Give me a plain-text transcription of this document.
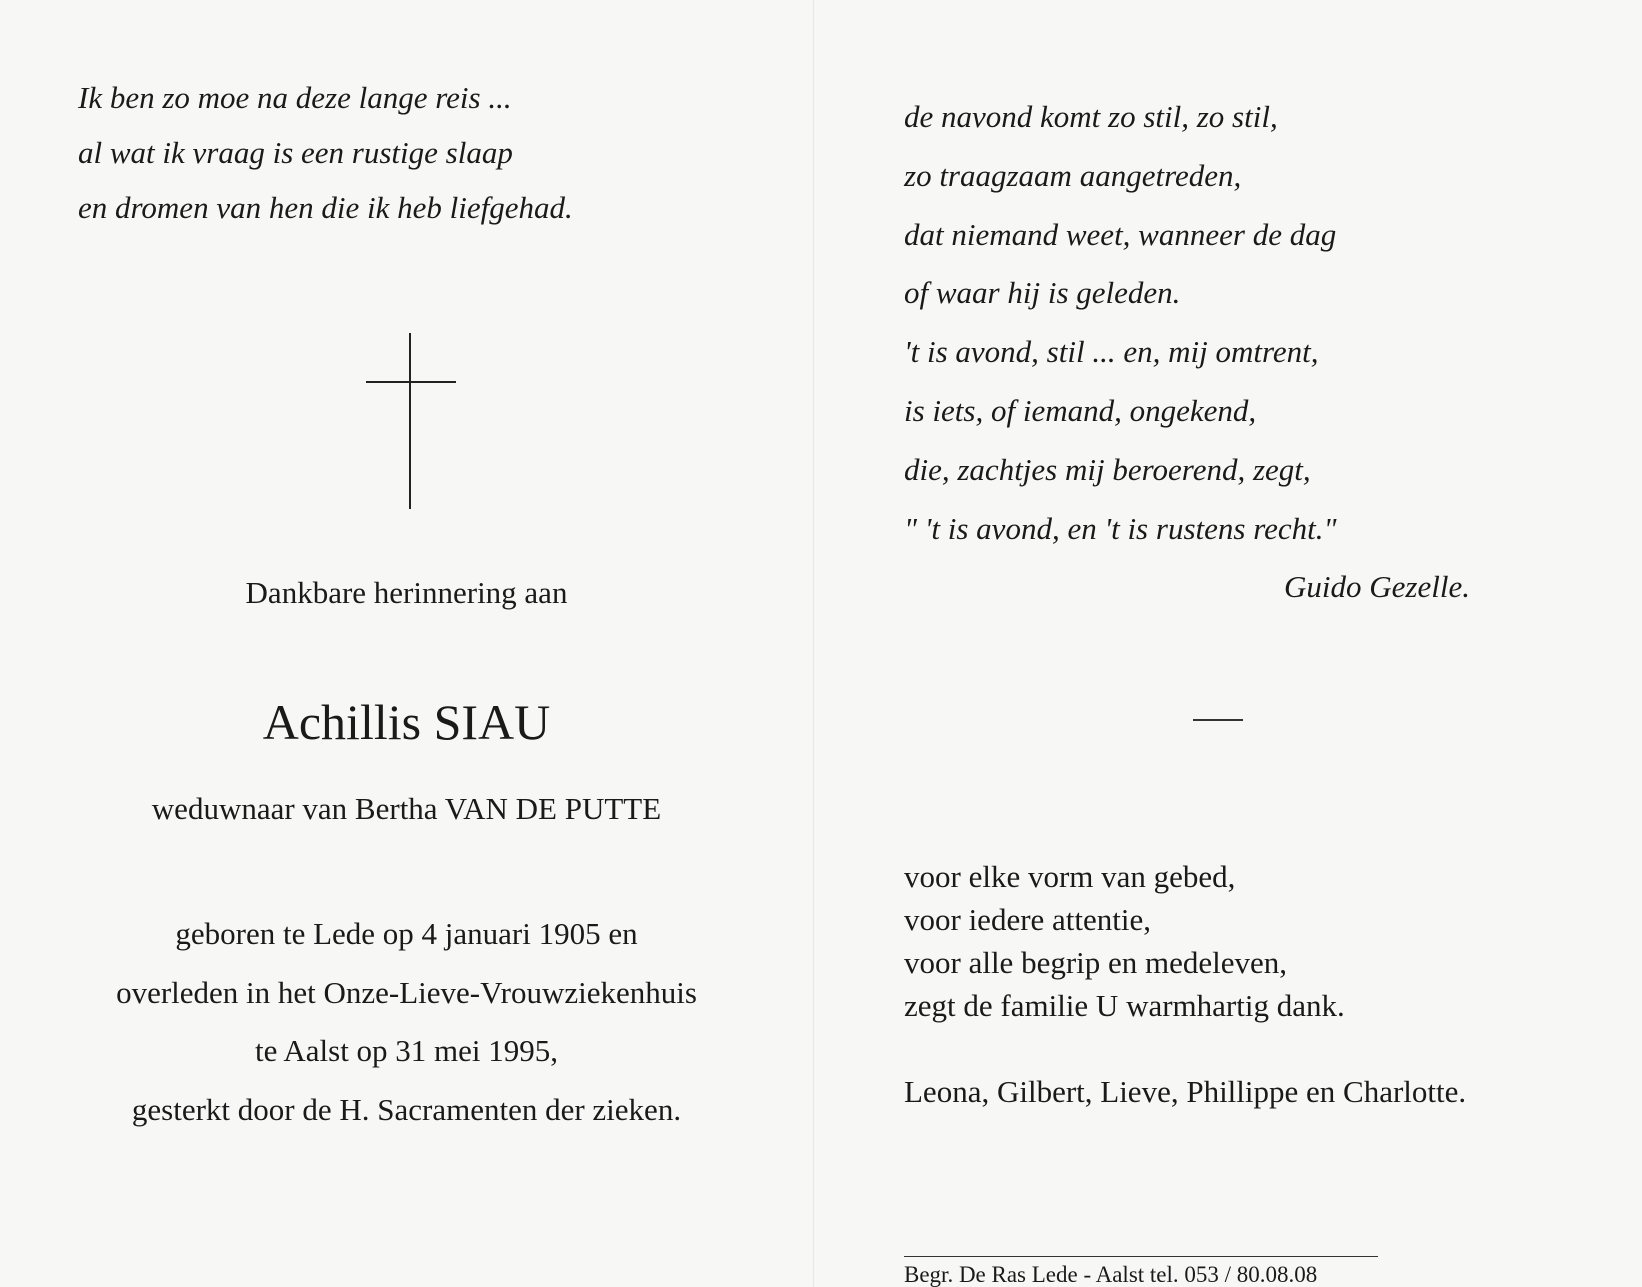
Ik ben zo moe na deze lange reis ...
al wat ik vraag is een rustige slaap
en dromen van hen die ik heb liefgehad.
Dankbare herinnering aan
Achillis SIAU
weduwnaar van Bertha VAN DE PUTTE
geboren te Lede op 4 januari 1905 en
overleden in het Onze-Lieve-Vrouwziekenhuis
te Aalst op 31 mei 1995,
gesterkt door de H. Sacramenten der zieken.
de navond komt zo stil, zo stil,
zo traagzaam aangetreden,
dat niemand weet, wanneer de dag
of waar hij is geleden.
't is avond, stil ... en, mij omtrent,
is iets, of iemand, ongekend,
die, zachtjes mij beroerend, zegt,
" 't is avond, en 't is rustens recht."
Guido Gezelle.
voor elke vorm van gebed,
voor iedere attentie,
voor alle begrip en medeleven,
zegt de familie U warmhartig dank.
Leona, Gilbert, Lieve, Phillippe en Charlotte.
Begr. De Ras Lede - Aalst tel. 053 / 80.08.08
